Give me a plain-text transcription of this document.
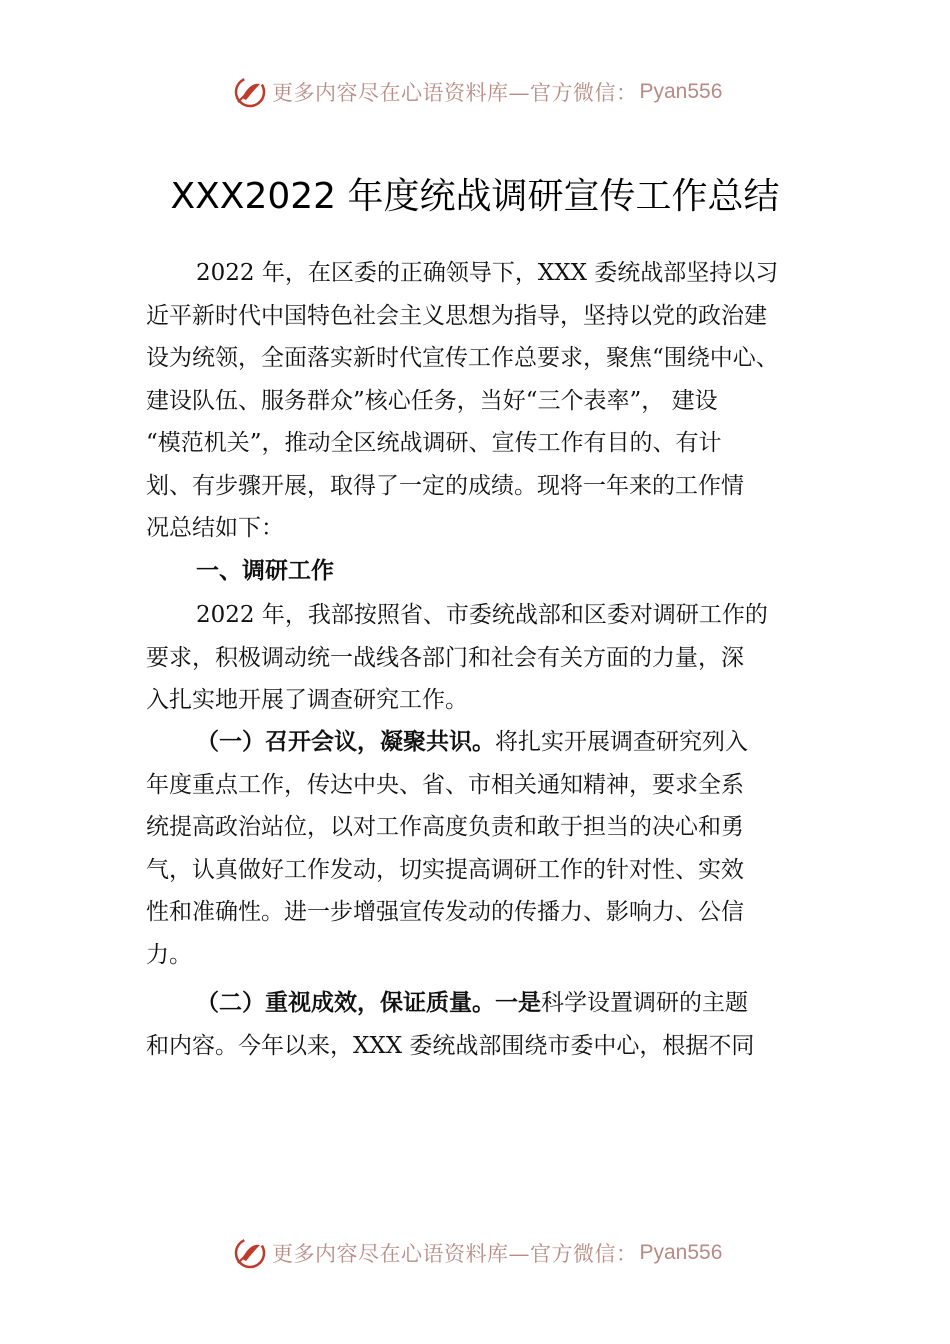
更多内容尽在心语资料库—官方微信： Pyan556
XXX2022 年度统战调研宣传工作总结
2022 年，在区委的正确领导下，XXX 委统战部坚持以习
近平新时代中国特色社会主义思想为指导，坚持以党的政治建
设为统领，全面落实新时代宣传工作总要求，聚焦“围绕中心、
建设队伍、服务群众”核心任务，当好“三个表率”， 建设
“模范机关”，推动全区统战调研、宣传工作有目的、有计
划、有步骤开展，取得了一定的成绩。现将一年来的工作情
况总结如下：
一、调研工作
2022 年，我部按照省、市委统战部和区委对调研工作的
要求，积极调动统一战线各部门和社会有关方面的力量，深
入扎实地开展了调查研究工作。
（一）召开会议，凝聚共识。将扎实开展调查研究列入
年度重点工作，传达中央、省、市相关通知精神，要求全系
统提高政治站位，以对工作高度负责和敢于担当的决心和勇
气，认真做好工作发动，切实提高调研工作的针对性、实效
性和准确性。进一步增强宣传发动的传播力、影响力、公信
力。
（二）重视成效，保证质量。一是科学设置调研的主题
和内容。今年以来，XXX 委统战部围绕市委中心，根据不同
更多内容尽在心语资料库—官方微信： Pyan556
